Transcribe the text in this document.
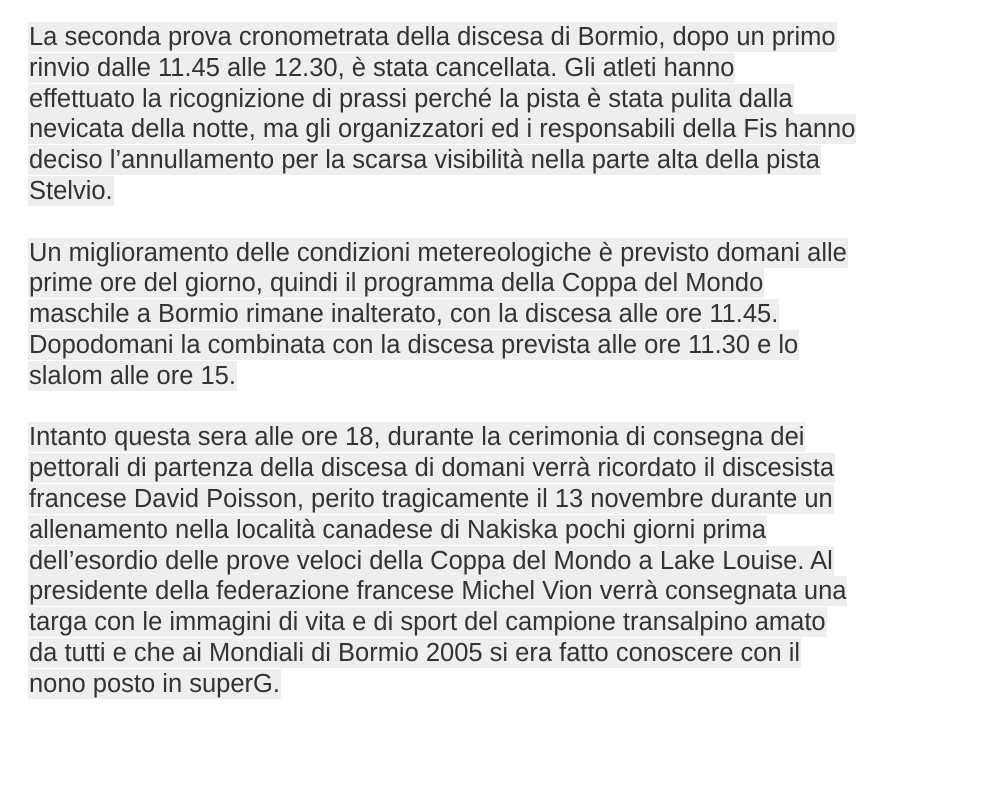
La seconda prova cronometrata della discesa di Bormio, dopo un primo
rinvio dalle 11.45 alle 12.30, è stata cancellata. Gli atleti hanno
effettuato la ricognizione di prassi perché la pista è stata pulita dalla
nevicata della notte, ma gli organizzatori ed i responsabili della Fis hanno
deciso l’annullamento per la scarsa visibilità nella parte alta della pista
Stelvio.

Un miglioramento delle condizioni metereologiche è previsto domani alle
prime ore del giorno, quindi il programma della Coppa del Mondo
maschile a Bormio rimane inalterato, con la discesa alle ore 11.45.
Dopodomani la combinata con la discesa prevista alle ore 11.30 e lo
slalom alle ore 15.

Intanto questa sera alle ore 18, durante la cerimonia di consegna dei
pettorali di partenza della discesa di domani verrà ricordato il discesista
francese David Poisson, perito tragicamente il 13 novembre durante un
allenamento nella località canadese di Nakiska pochi giorni prima
dell’esordio delle prove veloci della Coppa del Mondo a Lake Louise. Al
presidente della federazione francese Michel Vion verrà consegnata una
targa con le immagini di vita e di sport del campione transalpino amato
da tutti e che ai Mondiali di Bormio 2005 si era fatto conoscere con il
nono posto in superG.
